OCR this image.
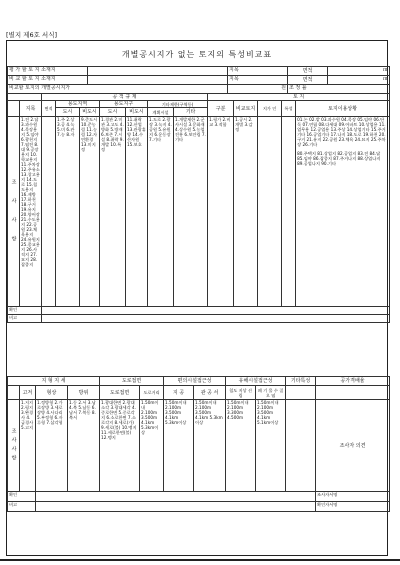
[별지 제6호 서식]
개별공시지가 없는 토지의 특성비교표
평 가 할 토 지 소재지		지목	면적	㎡
비 교 할 토 지 소재지		지목	면적	㎡
비교할 토지의 개별공시지가		원	조 정 률	
		공 적 규 제							토 지				
	지목	면적	용도지역		용도지구		기타제한(구역등)		구분	비교토지	지가 인	특성	토지이용상황
			도시	비도시	도시	비도시	계획시설	기타					
조 사 사 항	1.전 2.답 3.과수원 4.목장용지 5.임야 6.광천지 7.염전 8.대 9.공장용지 10.학교용지 11.주차장 12.주유소 13.창고용지 14.도로 15.철도용지 16.제방 17.하천 18.구거 19.유지 20.양어장 21.수도용지 22.공원 23.체육용지 24.유원지 25.종교용지 26.사적지 27.묘지 28.잡종지		1.주 2.상 3.공 4.녹 5.미 6.관 7.농 8.자	9.준도시 10.준농림 11.농림 12.자연환경 13.미지정	1.경관 2.미관 3.고도 4.방화 5.방재 6.보존 7.시설 8.취락 9.개발 10.특정	11.취락 12.산업 13.관광휴양 14.수산자원 15.보호	1.도로 2.광장 3.녹지 4.공원 5.유원지 6.운동장 7.기타	1.개발제한 2.군사시설 3.문화재 4.상수원 5.농업진흥 6.보안림 7.기타	1.평가 2.비교 3.적합	1.공시 2.개별 3.감정			01.논 02.밭 03.과수원 04.목장 05.임야 06.단독 07.연립 08.다세대 09.아파트 10.상업용 11.업무용 12.공업용 13.주상 14.상업기타 15.주거기타 16.공업기타 17.나지 18.도로 19.하천 20.구거 21.유지 22.공원 23.체육 24.묘지 25.주차장 26.기타
80.주택지 81.상업지 82.공업지 83.전 84.답 85.임야 86.잡종지 87.주거나지 88.상업나지 89.공업나지 90.기타

확인													
비고													
지 형 지 세				도로접면		편의시설접근성		유해시설접근성		기타특성	공가격배율
	고저	형상	방위	도로접면	도로거리	지 공	관 공 서	철도 지상 선 림	폐 기 물 수 질 오 염		
조사사항	1.저지 2.평지 3.완경사 4.급경사 5.고지	1.정방형 2.가로장방 3.세로장방 4.사다리 5.부정형 6.자루형 7.삼각형	1.동 2.서 3.남 4.북 5.남동 6.남서 7.북동 8.북서	1.광대한면 2.광대소각 3.광대세각 4.중로한면 5.중로각지 6.소로한면 7.소로각지 8.세로(가) 9.세로(불) 10.맹지 11.세로한면(불) 12.맹지	1.50m이내 2.100m 3.500m 4.1km 5.3km이상	1.50m이내 2.100m 3.500m 4.1km 5.3km이상	1.50m이내 2.100m 3.500m 4.1km 5.3km이상	1.50m이내 2.100m 3.300m 4.500m	1.50m이내 2.100m 3.500m 4.1km 5.1km이상		조사자 의견
확인											조사자서명
비고											확인자서명
